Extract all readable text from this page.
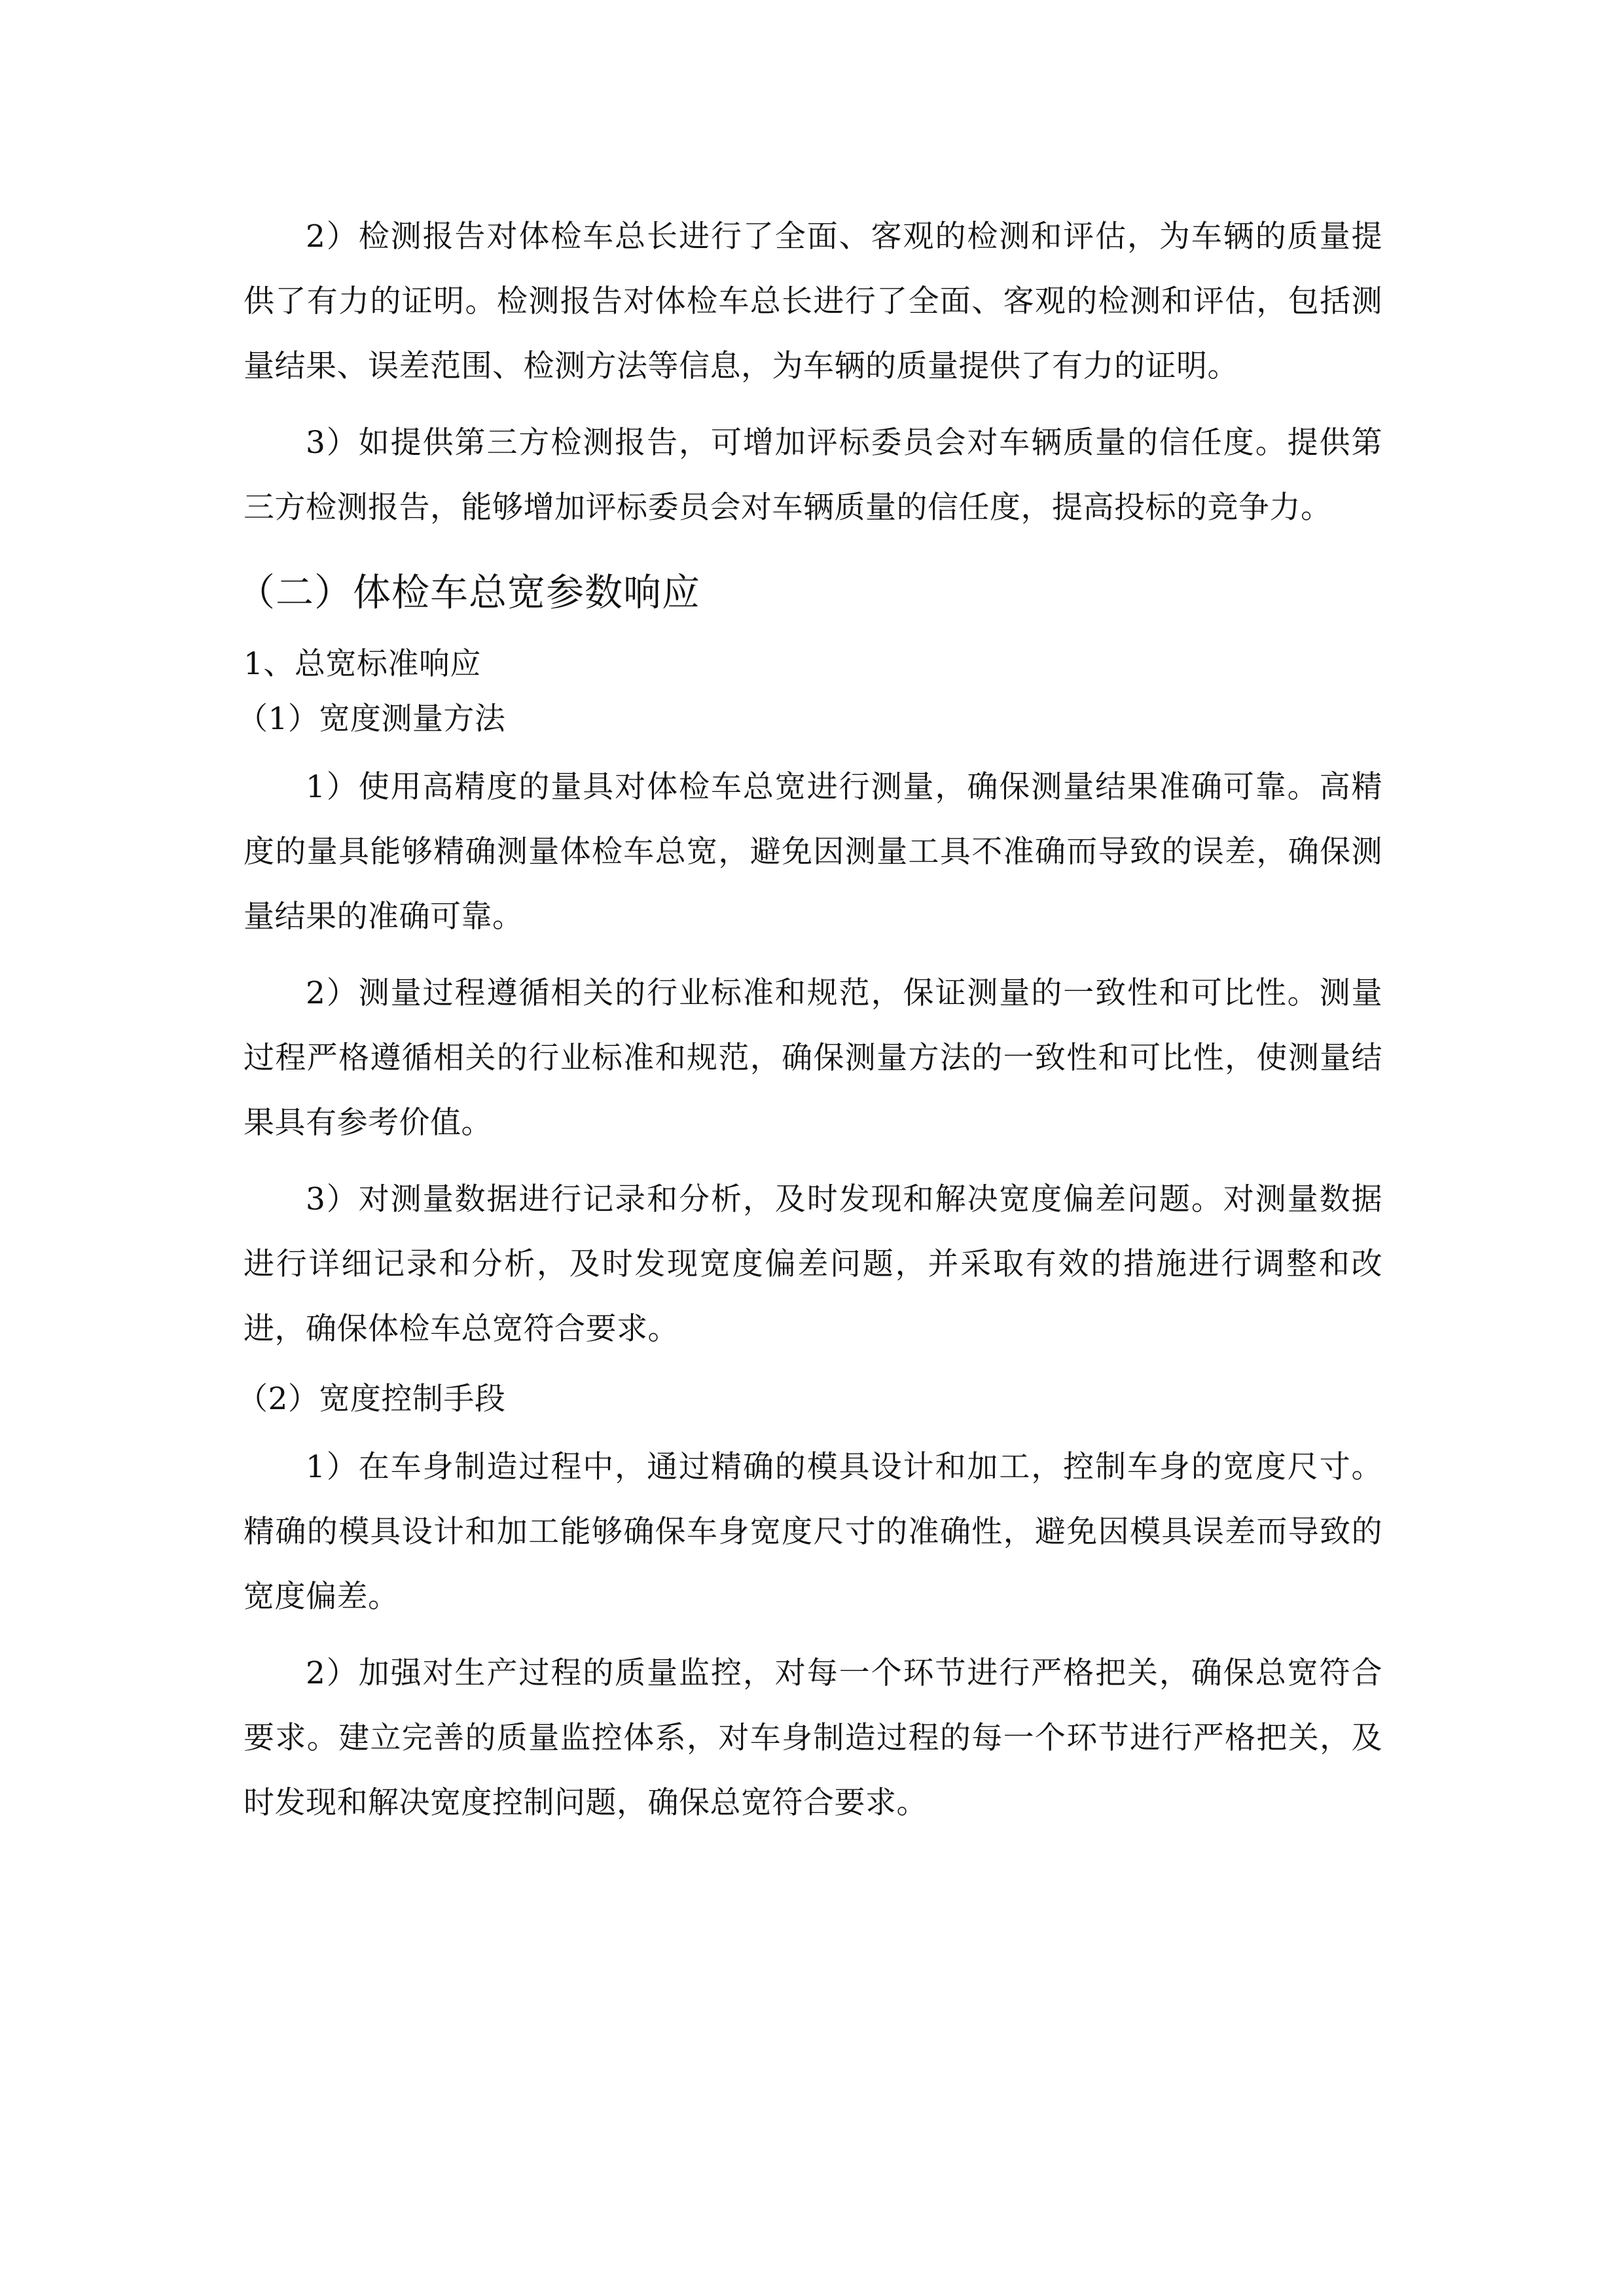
2）检测报告对体检车总长进行了全面、客观的检测和评估，为车辆的质量提供了有力的证明。检测报告对体检车总长进行了全面、客观的检测和评估，包括测量结果、误差范围、检测方法等信息，为车辆的质量提供了有力的证明。

3）如提供第三方检测报告，可增加评标委员会对车辆质量的信任度。提供第三方检测报告，能够增加评标委员会对车辆质量的信任度，提高投标的竞争力。

（二）体检车总宽参数响应
1、总宽标准响应
（1）宽度测量方法

1）使用高精度的量具对体检车总宽进行测量，确保测量结果准确可靠。高精度的量具能够精确测量体检车总宽，避免因测量工具不准确而导致的误差，确保测量结果的准确可靠。

2）测量过程遵循相关的行业标准和规范，保证测量的一致性和可比性。测量过程严格遵循相关的行业标准和规范，确保测量方法的一致性和可比性，使测量结果具有参考价值。

3）对测量数据进行记录和分析，及时发现和解决宽度偏差问题。对测量数据进行详细记录和分析，及时发现宽度偏差问题，并采取有效的措施进行调整和改进，确保体检车总宽符合要求。

（2）宽度控制手段

1）在车身制造过程中，通过精确的模具设计和加工，控制车身的宽度尺寸。精确的模具设计和加工能够确保车身宽度尺寸的准确性，避免因模具误差而导致的宽度偏差。

2）加强对生产过程的质量监控，对每一个环节进行严格把关，确保总宽符合要求。建立完善的质量监控体系，对车身制造过程的每一个环节进行严格把关，及时发现和解决宽度控制问题，确保总宽符合要求。
